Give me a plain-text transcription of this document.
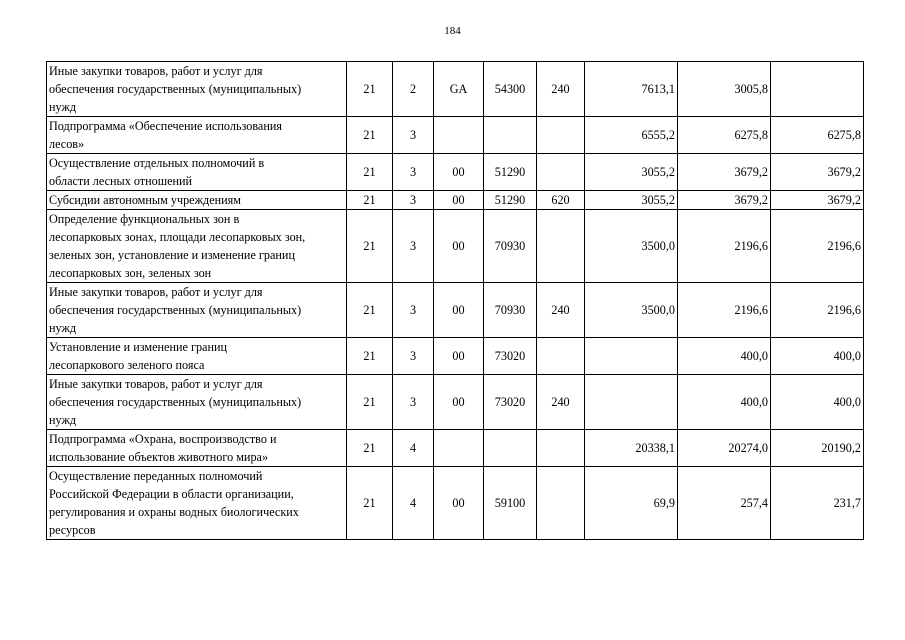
184
Иные закупки товаров, работ и услуг для
обеспечения государственных (муниципальных)
нужд	21	2	GA	54300	240	7613,1	3005,8	

Подпрограмма «Обеспечение использования
лесов»	21	3				6555,2	6275,8	6275,8

Осуществление отдельных полномочий в
области лесных отношений	21	3	00	51290		3055,2	3679,2	3679,2

Субсидии автономным учреждениям	21	3	00	51290	620	3055,2	3679,2	3679,2

Определение функциональных зон в
лесопарковых зонах, площади лесопарковых зон,
зеленых зон, установление и изменение границ
лесопарковых зон, зеленых зон	21	3	00	70930		3500,0	2196,6	2196,6

Иные закупки товаров, работ и услуг для
обеспечения государственных (муниципальных)
нужд	21	3	00	70930	240	3500,0	2196,6	2196,6

Установление и изменение границ
лесопаркового зеленого пояса	21	3	00	73020			400,0	400,0

Иные закупки товаров, работ и услуг для
обеспечения государственных (муниципальных)
нужд	21	3	00	73020	240		400,0	400,0

Подпрограмма «Охрана, воспроизводство и
использование объектов животного мира»	21	4				20338,1	20274,0	20190,2

Осуществление переданных полномочий
Российской Федерации в области организации,
регулирования и охраны водных биологических
ресурсов	21	4	00	59100		69,9	257,4	231,7
